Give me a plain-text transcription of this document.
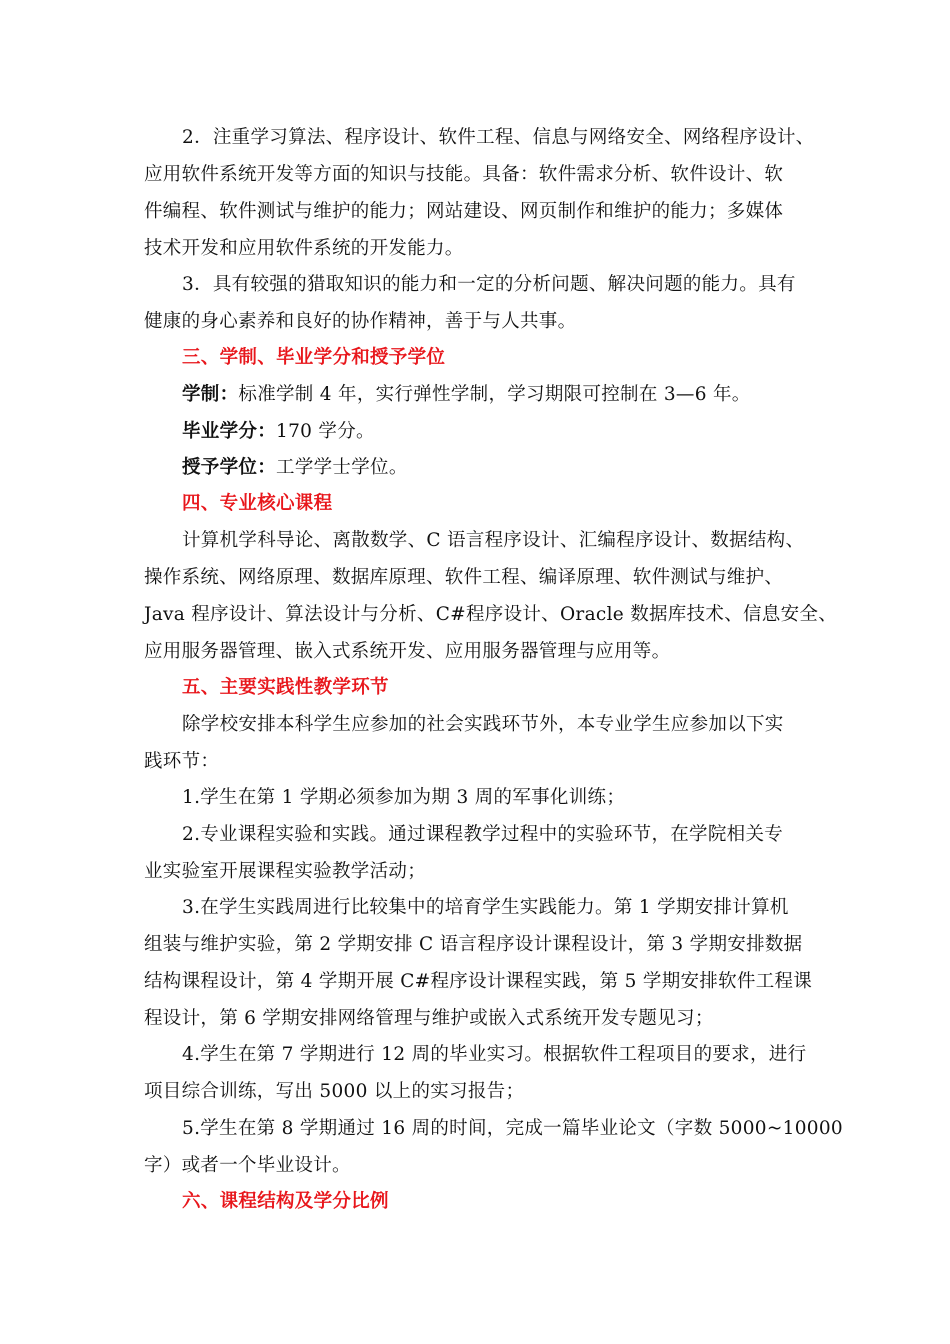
2．注重学习算法、程序设计、软件工程、信息与网络安全、网络程序设计、
应用软件系统开发等方面的知识与技能。具备：软件需求分析、软件设计、软
件编程、软件测试与维护的能力；网站建设、网页制作和维护的能力；多媒体
技术开发和应用软件系统的开发能力。
3．具有较强的猎取知识的能力和一定的分析问题、解决问题的能力。具有
健康的身心素养和良好的协作精神，善于与人共事。
三、学制、毕业学分和授予学位
学制：标准学制 4 年，实行弹性学制，学习期限可控制在 3—6 年。
毕业学分：170 学分。
授予学位：工学学士学位。
四、专业核心课程
计算机学科导论、离散数学、C 语言程序设计、汇编程序设计、数据结构、
操作系统、网络原理、数据库原理、软件工程、编译原理、软件测试与维护、
Java 程序设计、算法设计与分析、C#程序设计、Oracle 数据库技术、信息安全、
应用服务器管理、嵌入式系统开发、应用服务器管理与应用等。
五、主要实践性教学环节
除学校安排本科学生应参加的社会实践环节外，本专业学生应参加以下实
践环节：
1.学生在第 1 学期必须参加为期 3 周的军事化训练；
2.专业课程实验和实践。通过课程教学过程中的实验环节，在学院相关专
业实验室开展课程实验教学活动；
3.在学生实践周进行比较集中的培育学生实践能力。第 1 学期安排计算机
组装与维护实验，第 2 学期安排 C 语言程序设计课程设计，第 3 学期安排数据
结构课程设计，第 4 学期开展 C#程序设计课程实践，第 5 学期安排软件工程课
程设计，第 6 学期安排网络管理与维护或嵌入式系统开发专题见习；
4.学生在第 7 学期进行 12 周的毕业实习。根据软件工程项目的要求，进行
项目综合训练，写出 5000 以上的实习报告；
5.学生在第 8 学期通过 16 周的时间，完成一篇毕业论文（字数 5000~10000
字）或者一个毕业设计。
六、课程结构及学分比例
